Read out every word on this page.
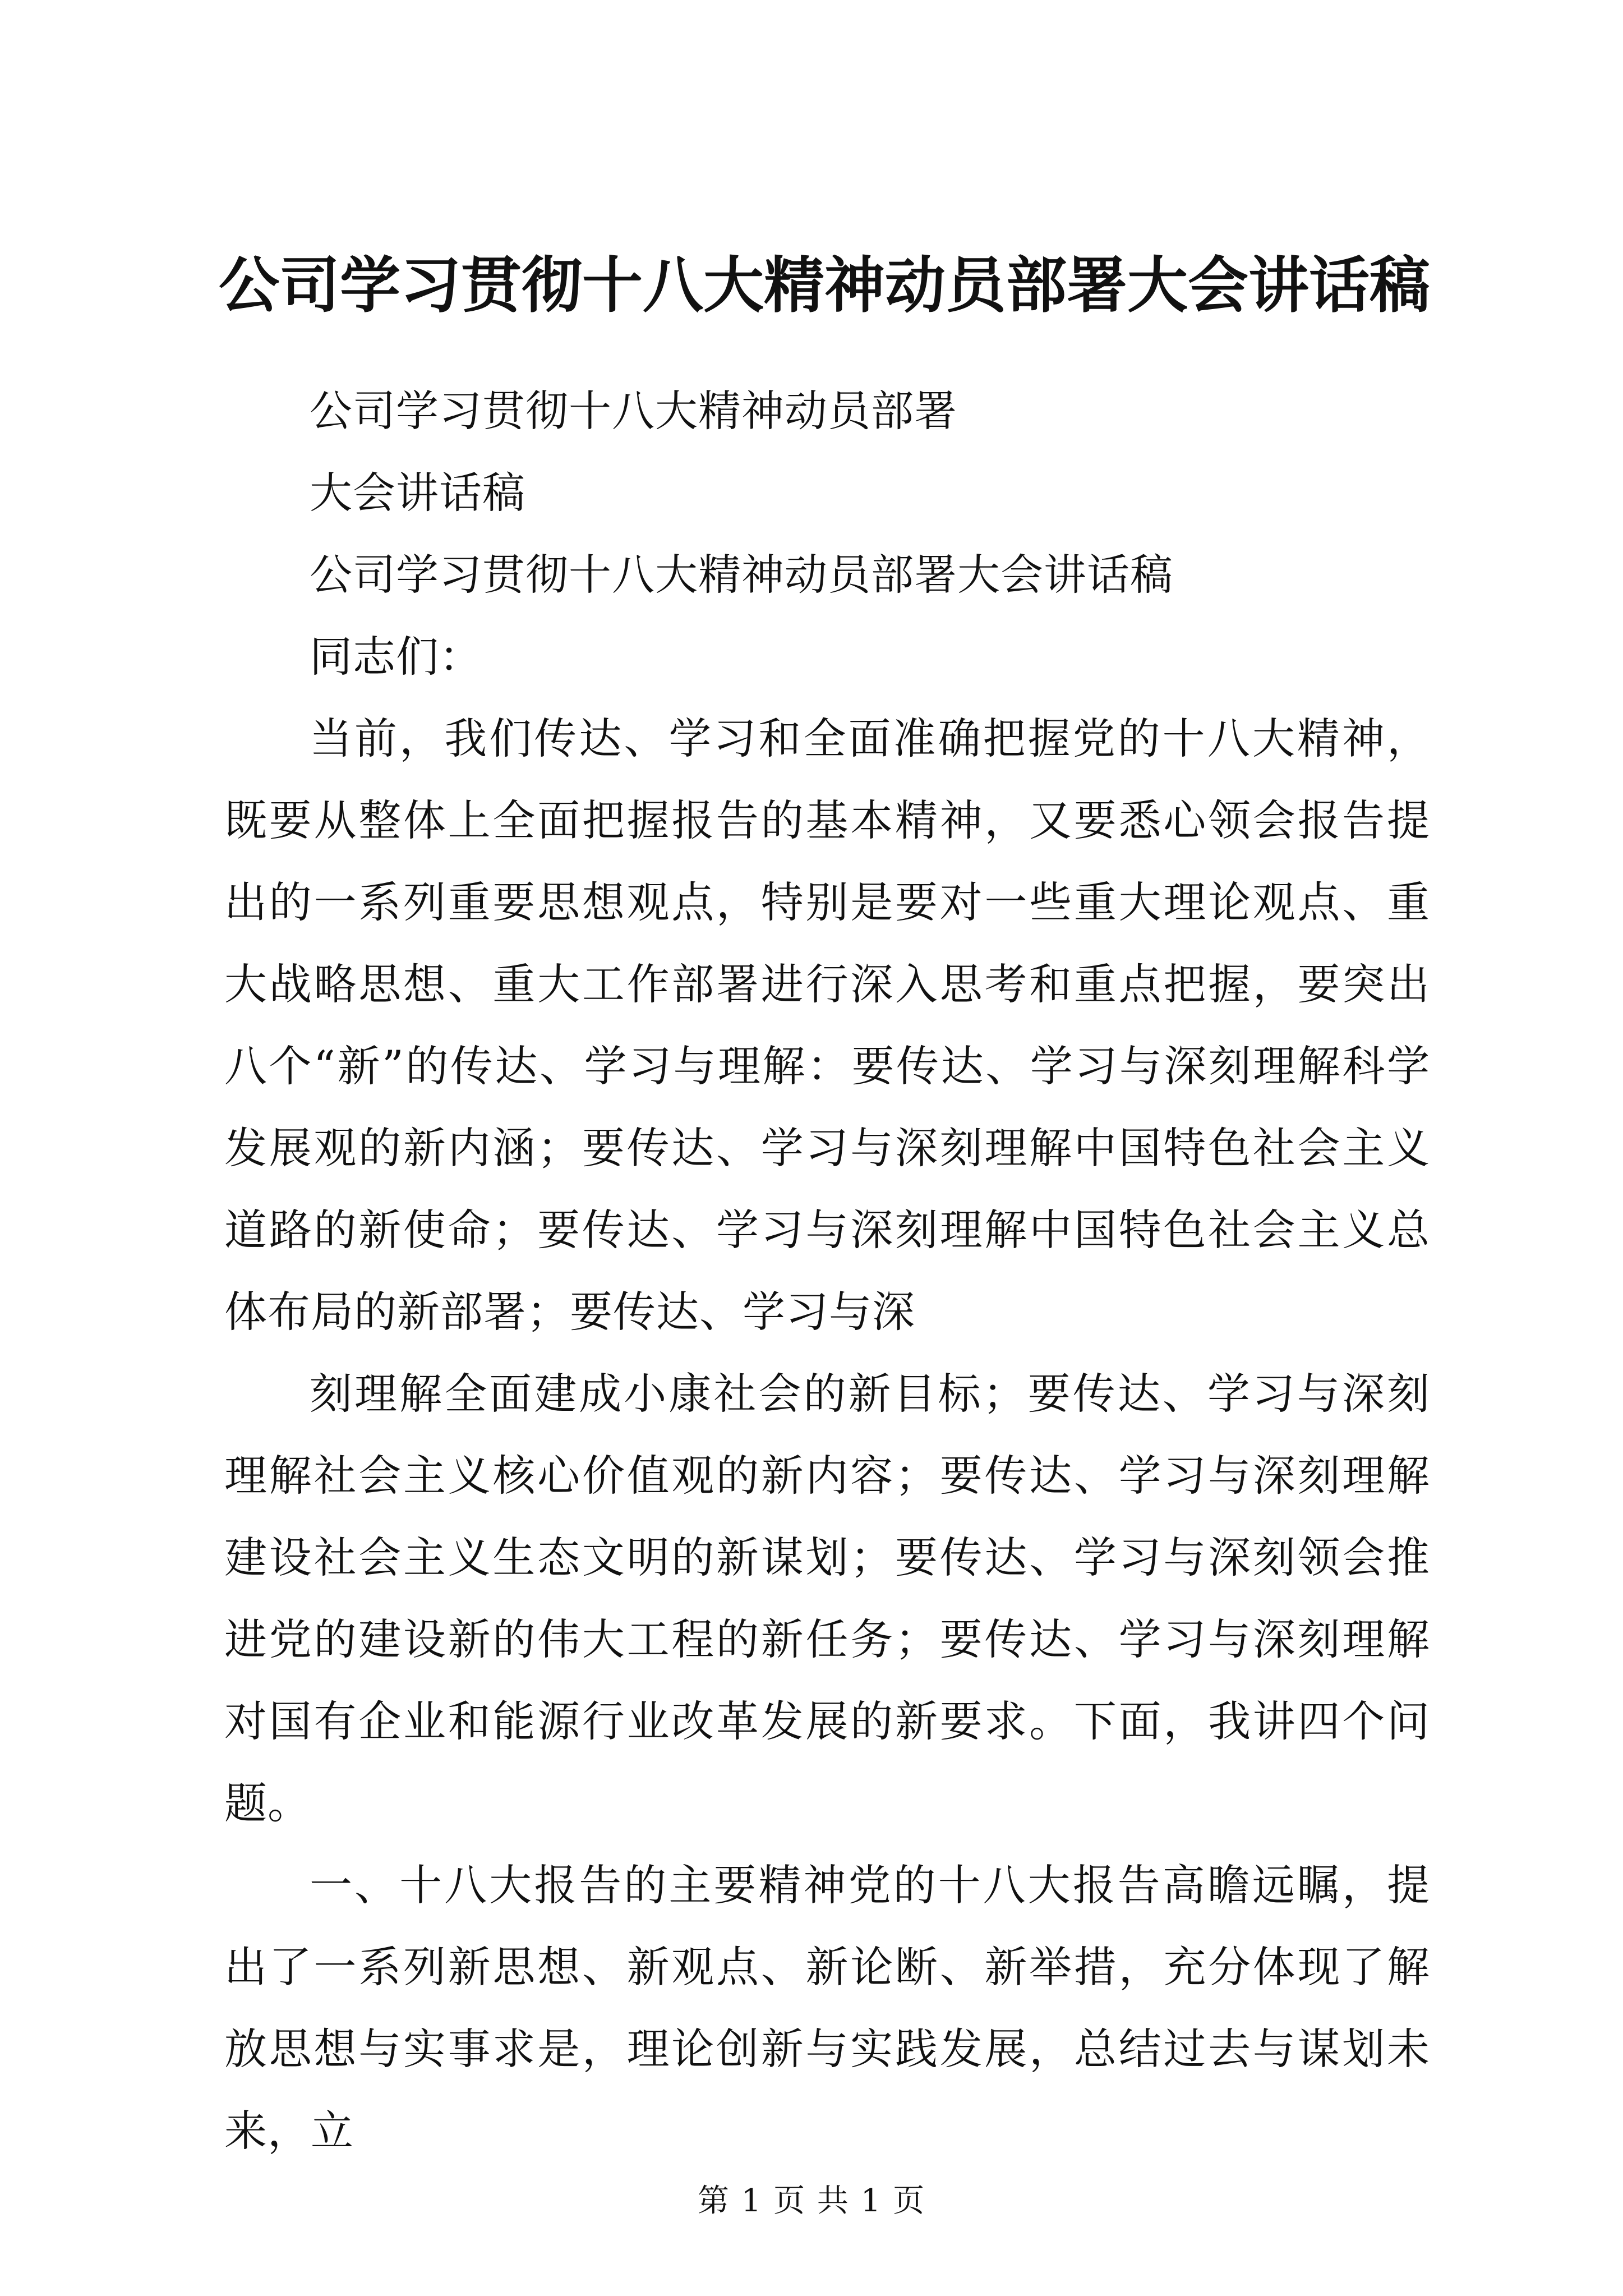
公司学习贯彻十八大精神动员部署大会讲话稿

公司学习贯彻十八大精神动员部署

大会讲话稿

公司学习贯彻十八大精神动员部署大会讲话稿

同志们：

当前，我们传达、学习和全面准确把握党的十八大精神，既要从整体上全面把握报告的基本精神，又要悉心领会报告提出的一系列重要思想观点，特别是要对一些重大理论观点、重大战略思想、重大工作部署进行深入思考和重点把握，要突出八个“新”的传达、学习与理解：要传达、学习与深刻理解科学发展观的新内涵；要传达、学习与深刻理解中国特色社会主义道路的新使命；要传达、学习与深刻理解中国特色社会主义总体布局的新部署；要传达、学习与深

刻理解全面建成小康社会的新目标；要传达、学习与深刻理解社会主义核心价值观的新内容；要传达、学习与深刻理解建设社会主义生态文明的新谋划；要传达、学习与深刻领会推进党的建设新的伟大工程的新任务；要传达、学习与深刻理解对国有企业和能源行业改革发展的新要求。下面，我讲四个问题。

一、十八大报告的主要精神党的十八大报告高瞻远瞩，提出了一系列新思想、新观点、新论断、新举措，充分体现了解放思想与实事求是，理论创新与实践发展，总结过去与谋划未来，立

第 1 页 共 1 页
